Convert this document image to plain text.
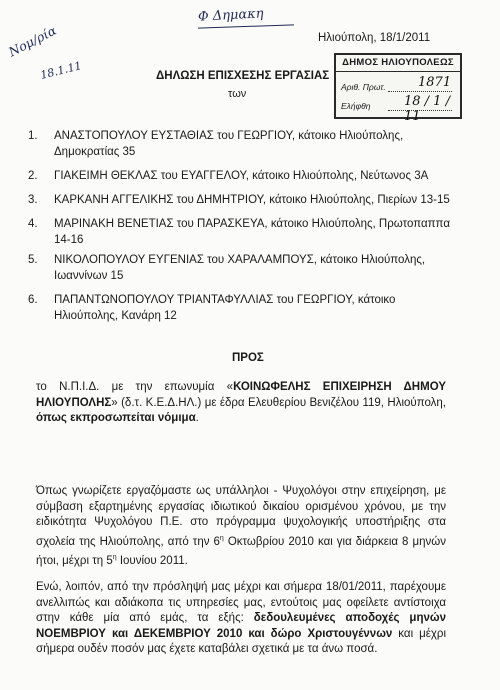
Φ Δημακη
Νομ/ρία
18.1.11
Ηλιούπολη, 18/1/2011
ΔΗΜΟΣ ΗΛΙΟΥΠΟΛΕΩΣ
Αριθ. Πρωτ. 1871
Ελήφθη	18 / 1 / 11
ΔΗΛΩΣΗ ΕΠΙΣΧΕΣΗΣ ΕΡΓΑΣΙΑΣ
των
1. ΑΝΑΣΤΟΠΟΥΛΟΥ ΕΥΣΤΑΘΙΑΣ του ΓΕΩΡΓΙΟΥ, κάτοικο Ηλιούπολης,
Δημοκρατίας 35
2. ΓΙΑΚΕΙΜΗ ΘΕΚΛΑΣ του ΕΥΑΓΓΕΛΟΥ, κάτοικο Ηλιούπολης, Νεύτωνος 3Α
3. ΚΑΡΚΑΝΗ ΑΓΓΕΛΙΚΗΣ του ΔΗΜΗΤΡΙΟΥ, κάτοικο Ηλιούπολης, Πιερίων 13-15
4. ΜΑΡΙΝΑΚΗ ΒΕΝΕΤΙΑΣ του ΠΑΡΑΣΚΕΥΑ, κάτοικο Ηλιούπολης, Πρωτοπαππα
14-16
5. ΝΙΚΟΛΟΠΟΥΛΟΥ ΕΥΓΕΝΙΑΣ του ΧΑΡΑΛΑΜΠΟΥΣ, κάτοικο Ηλιούπολης,
Ιωαννίνων 15
6. ΠΑΠΑΝΤΩΝΟΠΟΥΛΟΥ ΤΡΙΑΝΤΑΦΥΛΛΙΑΣ του ΓΕΩΡΓΙΟΥ, κάτοικο
Ηλιούπολης, Κανάρη 12
ΠΡΟΣ
το Ν.Π.Ι.Δ. με την επωνυμία «ΚΟΙΝΩΦΕΛΗΣ ΕΠΙΧΕΙΡΗΣΗ ΔΗΜΟΥ ΗΛΙΟΥΠΟΛΗΣ» (δ.τ. Κ.Ε.Δ.ΗΛ.) με έδρα Ελευθερίου Βενιζέλου 119, Ηλιούπολη, όπως εκπροσωπείται νόμιμα.
Όπως γνωρίζετε εργαζόμαστε ως υπάλληλοι - Ψυχολόγοι στην επιχείρηση, με σύμβαση εξαρτημένης εργασίας ιδιωτικού δικαίου ορισμένου χρόνου, με την ειδικότητα Ψυχολόγου Π.Ε. στο πρόγραμμα ψυχολογικής υποστήριξης στα σχολεία της Ηλιούπολης, από την $6^\eta$ Οκτωβρίου 2010 και για διάρκεια 8 μηνών ήτοι, μέχρι τη $5^\eta$ Ιουνίου 2011.
Ενώ, λοιπόν, από την πρόσληψή μας μέχρι και σήμερα 18/01/2011, παρέχουμε ανελλιπώς και αδιάκοπα τις υπηρεσίες μας, εντούτοις μας οφείλετε αντίστοιχα στην κάθε μία από εμάς, τα εξής: δεδουλευμένες αποδοχές μηνών ΝΟΕΜΒΡΙΟΥ και ΔΕΚΕΜΒΡΙΟΥ 2010 και δώρο Χριστουγέννων και μέχρι σήμερα ουδέν ποσόν μας έχετε καταβάλει σχετικά με τα άνω ποσά.
